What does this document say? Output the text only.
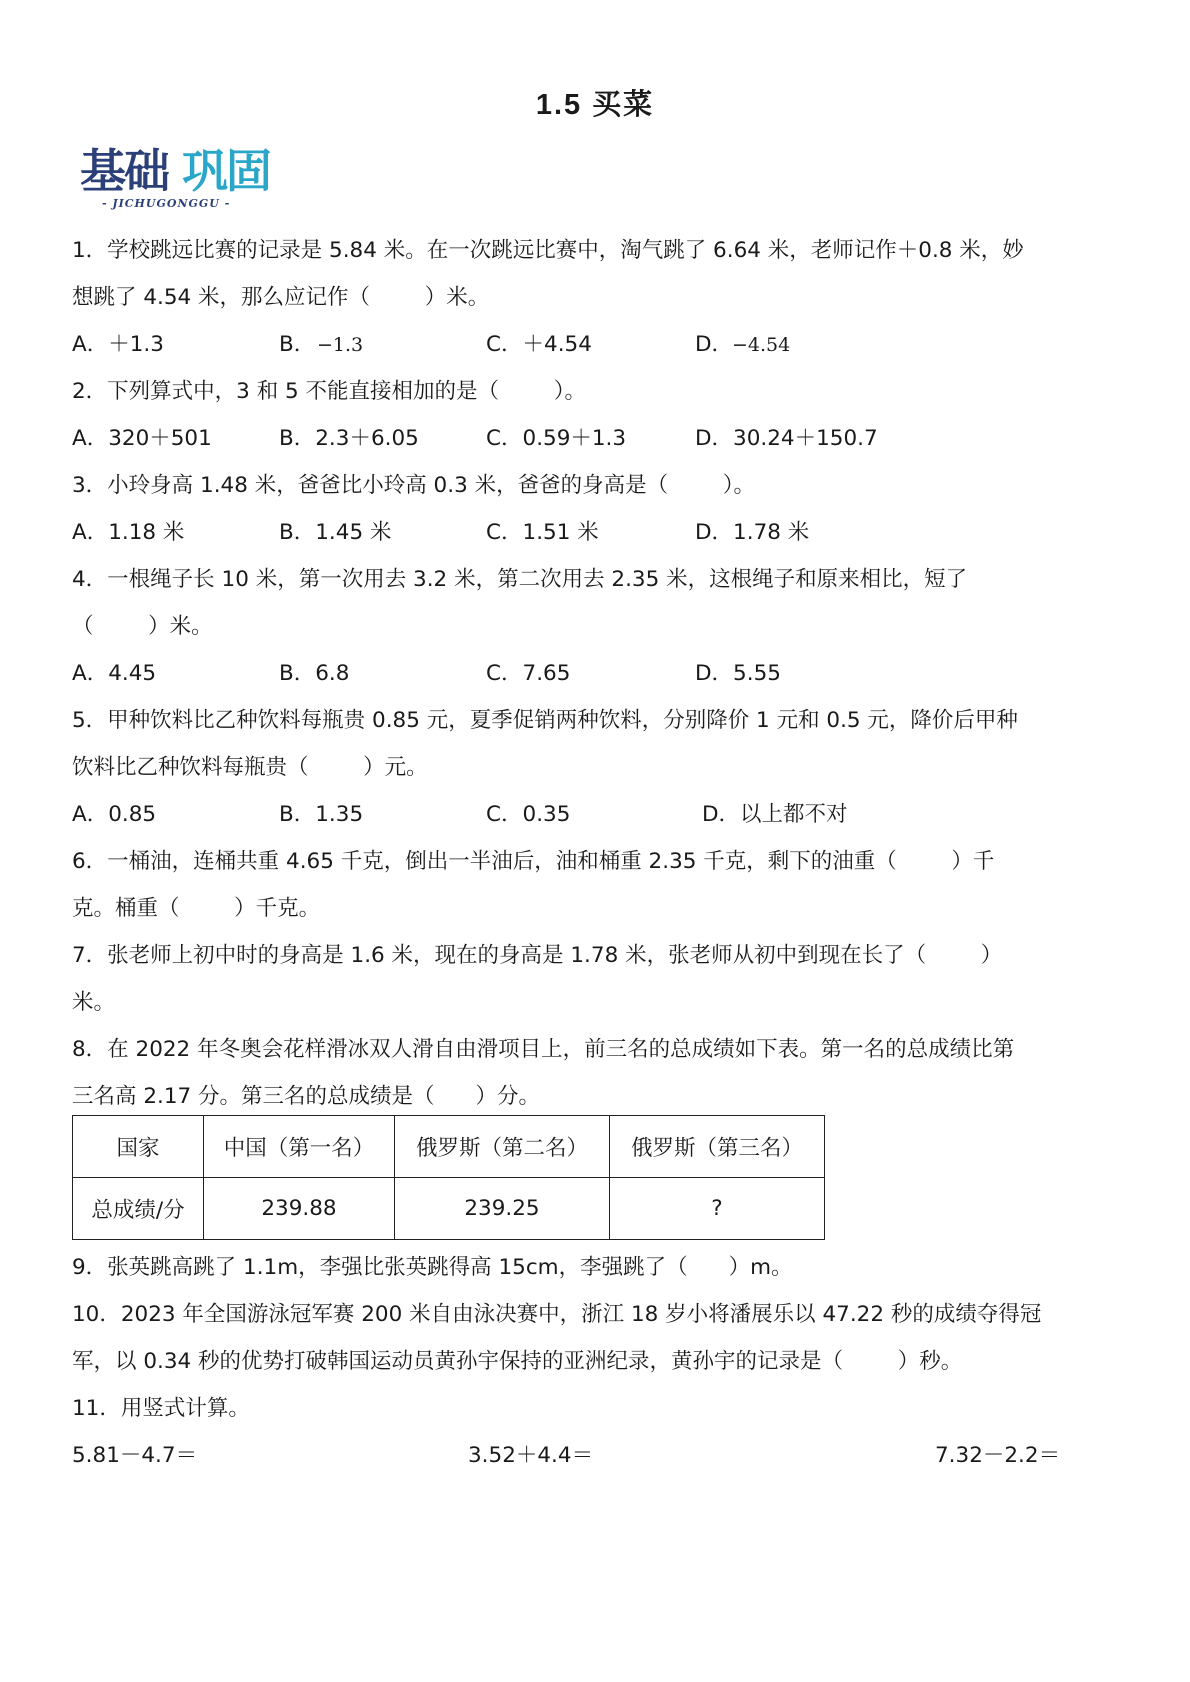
1.5 买菜
基础 巩固
- JICHUGONGGU -
1．学校跳远比赛的记录是 5.84 米。在一次跳远比赛中，淘气跳了 6.64 米，老师记作＋0.8 米，妙
想跳了 4.54 米，那么应记作（        ）米。
A．＋1.3	B． −1.3	C．＋4.54	D．
−4.54
2．下列算式中，3 和 5 不能直接相加的是（        ）。
A．320＋501	B．2.3＋6.05	C．0.59＋1.3	D．30.24＋150.7
3．小玲身高 1.48 米，爸爸比小玲高 0.3 米，爸爸的身高是（        ）。
A．1.18 米	B．1.45 米	C．1.51 米	D．1.78 米
4．一根绳子长 10 米，第一次用去 3.2 米，第二次用去 2.35 米，这根绳子和原来相比，短了
（        ）米。
A．4.45	B．6.8	C．7.65	D．5.55
5．甲种饮料比乙种饮料每瓶贵 0.85 元，夏季促销两种饮料，分别降价 1 元和 0.5 元，降价后甲种
饮料比乙种饮料每瓶贵（        ）元。
A．0.85	B．1.35	C．0.35	D．以上都不对
6．一桶油，连桶共重 4.65 千克，倒出一半油后，油和桶重 2.35 千克，剩下的油重（        ）千
克。桶重（        ）千克。
7．张老师上初中时的身高是 1.6 米，现在的身高是 1.78 米，张老师从初中到现在长了（        ）
米。
8．在 2022 年冬奥会花样滑冰双人滑自由滑项目上，前三名的总成绩如下表。第一名的总成绩比第
三名高 2.17 分。第三名的总成绩是（      ）分。
国家	中国（第一名）	俄罗斯（第二名）	俄罗斯（第三名）
总成绩/分	239.88	239.25	?
9．张英跳高跳了 1.1m，李强比张英跳得高 15cm，李强跳了（      ）m。
10．2023 年全国游泳冠军赛 200 米自由泳决赛中，浙江 18 岁小将潘展乐以 47.22 秒的成绩夺得冠
军，以 0.34 秒的优势打破韩国运动员黄孙宇保持的亚洲纪录，黄孙宇的记录是（        ）秒。
11．用竖式计算。
5.81－4.7＝	3.52＋4.4＝	7.32－2.2＝
